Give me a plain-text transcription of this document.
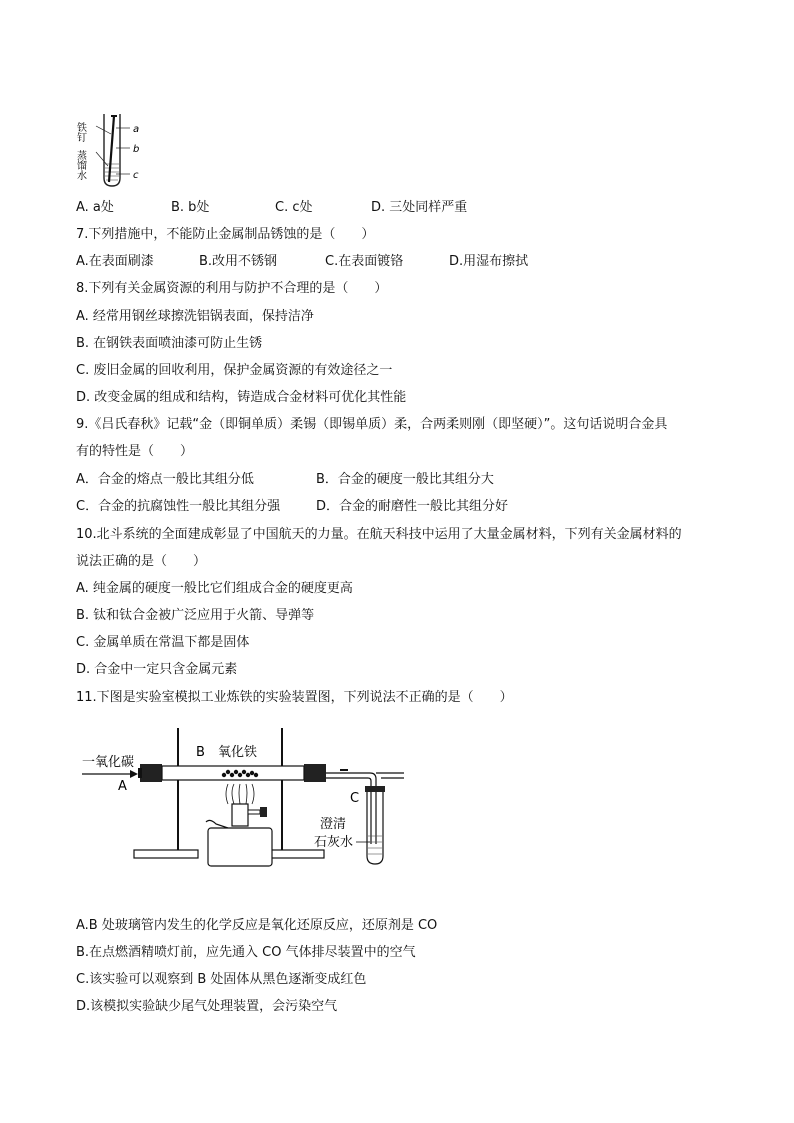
铁钉
蒸馏水
a
b
c
A. a处	B. b处	C. c处	D. 三处同样严重
7.下列措施中，不能防止金属制品锈蚀的是（　　）
A.在表面刷漆	B.改用不锈钢	C.在表面镀铬	D.用湿布擦拭
8.下列有关金属资源的利用与防护不合理的是（　　）
A. 经常用钢丝球擦洗铝锅表面，保持洁净
B. 在钢铁表面喷油漆可防止生锈
C. 废旧金属的回收利用，保护金属资源的有效途径之一
D. 改变金属的组成和结构，铸造成合金材料可优化其性能
9.《吕氏春秋》记载“金（即铜单质）柔锡（即锡单质）柔，合两柔则刚（即坚硬）”。这句话说明合金具
有的特性是（　　）
A．合金的熔点一般比其组分低	B．合金的硬度一般比其组分大
C．合金的抗腐蚀性一般比其组分强	D．合金的耐磨性一般比其组分好
10.北斗系统的全面建成彰显了中国航天的力量。在航天科技中运用了大量金属材料，下列有关金属材料的
说法正确的是（　　）
A. 纯金属的硬度一般比它们组成合金的硬度更高
B. 钛和钛合金被广泛应用于火箭、导弹等
C. 金属单质在常温下都是固体
D. 合金中一定只含金属元素
11.下图是实验室模拟工业炼铁的实验装置图，下列说法不正确的是（　　）
一氧化碳
A
B 氧化铁
C
澄清
石灰水
A.B 处玻璃管内发生的化学反应是氧化还原反应，还原剂是 CO
B.在点燃酒精喷灯前，应先通入 CO 气体排尽装置中的空气
C.该实验可以观察到 B 处固体从黑色逐渐变成红色
D.该模拟实验缺少尾气处理装置，会污染空气
